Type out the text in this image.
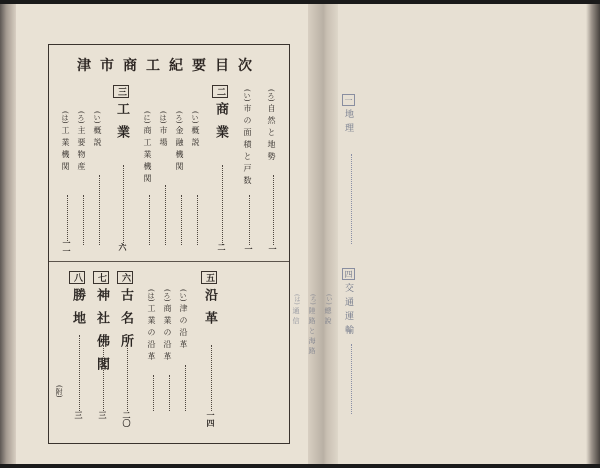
津市商工紀要目次
(ろ)自然と地勢
一
(い)市の面積と戸数
一
二商業
二
(い)概説
(ろ)金融機関
(は)市場
(に)商工業機関
三工業
六
(い)概説
(ろ)主要物産
(は)工業機関
一一
五沿革
一四
(い)津の沿革
(ろ)商業の沿革
(は)工業の沿革
六古名所
二〇
七神社佛閣
三
八勝地
三
(附)
一地理
四交通運輸
(い)總說
(ろ)陸路と海路
(は)通信
